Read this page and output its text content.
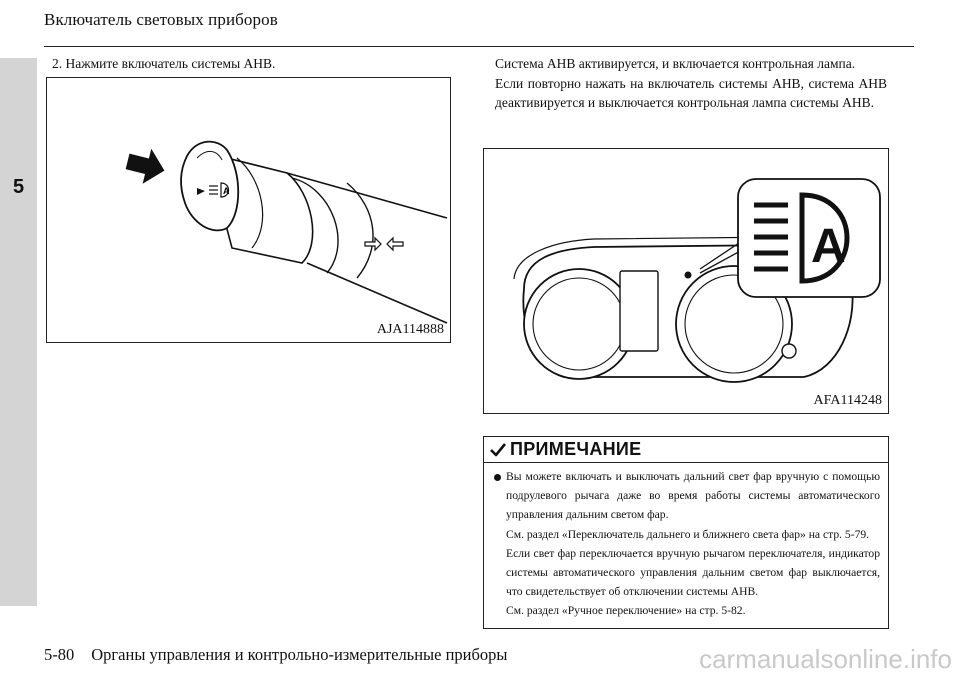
5
Включатель световых приборов
2. Нажмите включатель системы АНВ.	Система АНВ активируется, и включается контрольная лампа.

Если повторно нажать на включатель системы АНВ, система АНВ деактивируется и выключается контрольная лампа системы АНВ.

A
AJA114888
A
AFA114248
ПРИМЕЧАНИЕ

Вы можете включать и выключать дальний свет фар вручную с помощью подрулевого рычага даже во время работы системы автоматического управления дальним светом фар.

См. раздел «Переключатель дальнего и ближнего света фар» на стр. 5-79.

Если свет фар переключается вручную рычагом переключателя, индикатор системы автоматического управления дальним светом фар выключается, что свидетельствует об отключении системы АНВ.

См. раздел «Ручное переключение» на стр. 5-82.

5-80 Органы управления и контрольно-измерительные приборы	carmanualsonline.info
